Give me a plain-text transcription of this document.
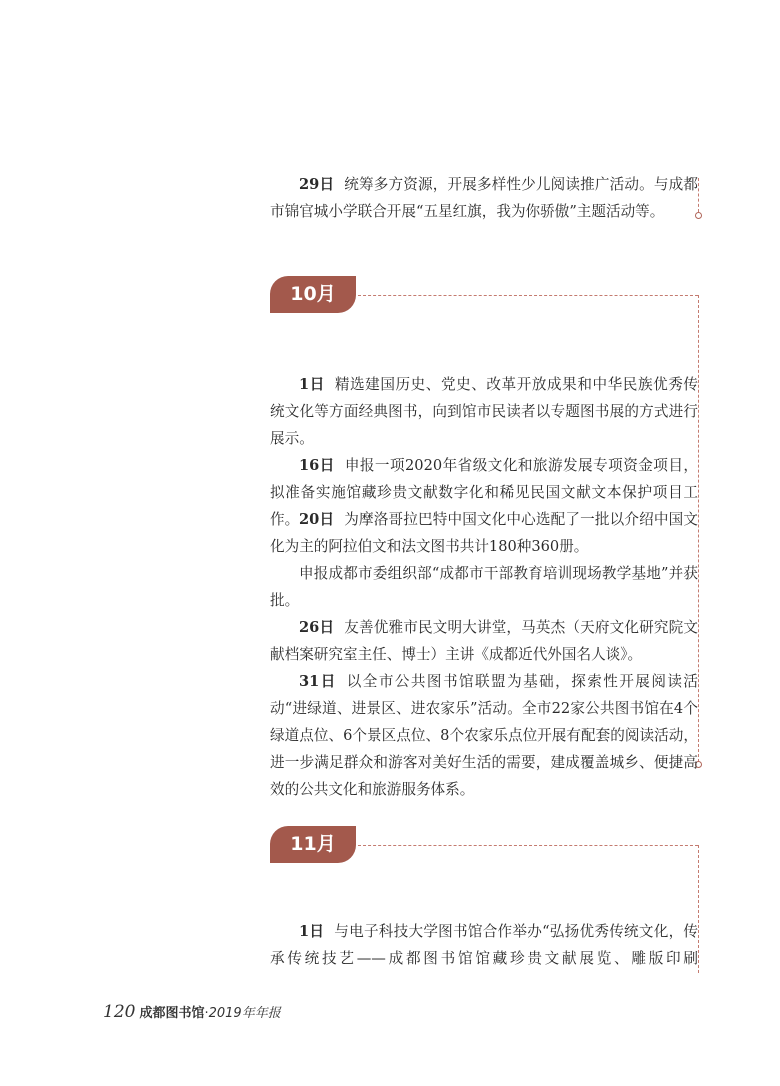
29日 统筹多方资源，开展多样性少儿阅读推广活动。与成都市锦官城小学联合开展“五星红旗，我为你骄傲”主题活动等。

10月

1日 精选建国历史、党史、改革开放成果和中华民族优秀传统文化等方面经典图书，向到馆市民读者以专题图书展的方式进行展示。

16日 申报一项2020年省级文化和旅游发展专项资金项目，拟准备实施馆藏珍贵文献数字化和稀见民国文献文本保护项目工作。 20日 为摩洛哥拉巴特中国文化中心选配了一批以介绍中国文化为主的阿拉伯文和法文图书共计180种360册。

申报成都市委组织部“成都市干部教育培训现场教学基地”并获批。

26日 友善优雅市民文明大讲堂，马英杰（天府文化研究院文献档案研究室主任、博士）主讲《成都近代外国名人谈》。

31日 以全市公共图书馆联盟为基础，探索性开展阅读活动“进绿道、进景区、进农家乐”活动。全市22家公共图书馆在4个绿道点位、6个景区点位、8个农家乐点位开展有配套的阅读活动，进一步满足群众和游客对美好生活的需要，建成覆盖城乡、便捷高效的公共文化和旅游服务体系。

11月

1日 与电子科技大学图书馆合作举办“弘扬优秀传统文化，传承传统技艺——成都图书馆馆藏珍贵文献展览、雕版印刷

120 成都图书馆·2019年年报
